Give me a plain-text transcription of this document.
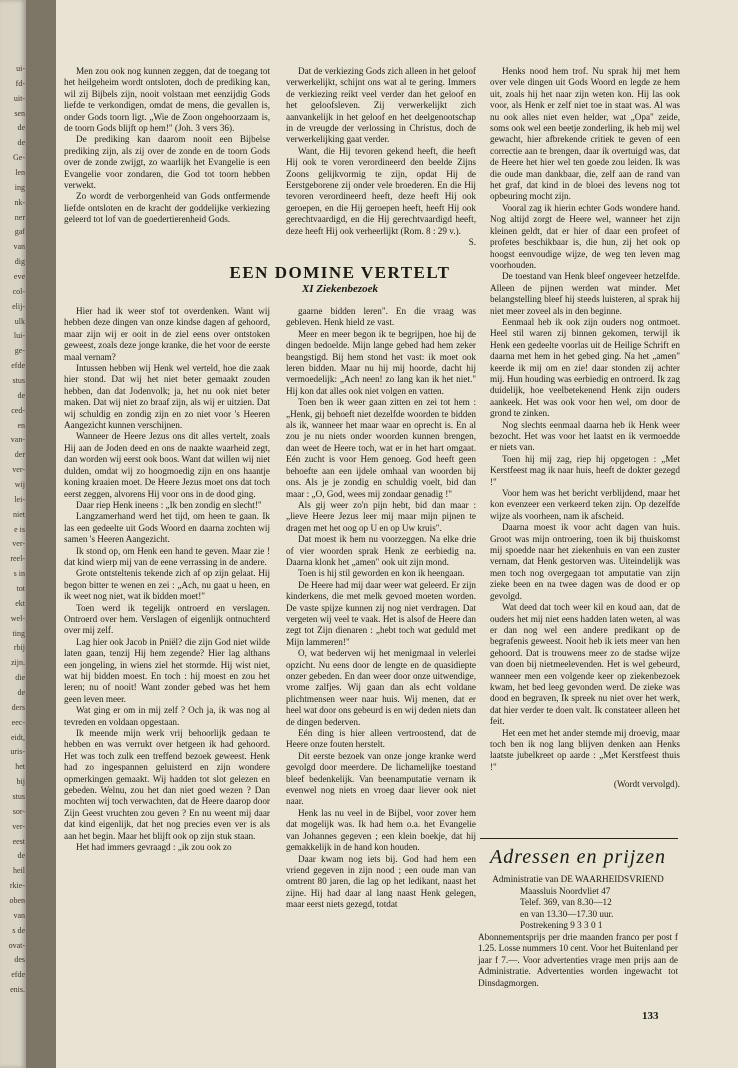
ui-
fd-
uit-
sen
de
de
Ge-
len
ing
nk-
ner
gaf
van
dig
eve
col-
elij-
ulk
lui-
ge-
efde
stus
de
ced-
en
van-
der
ver-
wij
lei-
niet
e is
ver-
reel-
s in
tot
ekt
wel-
ting
rbij
zijn.
die
de
ders
eeс-
eidt,
uris-
het
bij
stus
sor-
ver-
eest
de
heil
rkie-
oben
van
s de
ovat-
des
efde
enis.

Men zou ook nog kunnen zeggen, dat de toegang tot het heilgeheim wordt ontsloten, doch de prediking kan, wil zij Bijbels zijn, nooit volstaan met eenzijdig Gods liefde te verkondigen, omdat de mens, die gevallen is, onder Gods toorn ligt. „Wie de Zoon ongehoorzaam is, de toorn Gods blijft op hem!" (Joh. 3 vers 36).

De prediking kan daarom nooit een Bijbelse prediking zijn, als zij over de zonde en de toorn Gods over de zonde zwijgt, zo waarlijk het Evangelie is een Evangelie voor zondaren, die God tot toorn hebben verwekt.

Zo wordt de verborgenheid van Gods ontfermende liefde ontsloten en de kracht der goddelijke verkiezing geleerd tot lof van de goedertierenheid Gods.

Dat de verkiezing Gods zich alleen in het geloof verwerkelijkt, schijnt ons wat al te gering. Immers de verkiezing reikt veel verder dan het geloof en het geloofsleven. Zij verwerkelijkt zich aanvankelijk in het geloof en het deelgenootschap in de vreugde der verlossing in Christus, doch de verwerkelijking gaat verder.

Want, die Hij tevoren gekend heeft, die heeft Hij ook te voren verordineerd den beelde Zijns Zoons gelijkvormig te zijn, opdat Hij de Eerstgeborene zij onder vele broederen. En die Hij tevoren verordineerd heeft, deze heeft Hij ook geroepen, en die Hij geroepen heeft, heeft Hij ook gerechtvaardigd, en die Hij gerechtvaardigd heeft, deze heeft Hij ook verheerlijkt (Rom. 8 : 29 v.).

S.

EEN DOMINE VERTELT
XI Ziekenbezoek

Hier had ik weer stof tot overdenken. Want wij hebben deze dingen van onze kindse dagen af gehoord, maar zijn wij er ooit in de ziel eens over ontstoken geweest, zoals deze jonge kranke, die het voor de eerste maal vernam?

Intussen hebben wij Henk wel verteld, hoe die zaak hier stond. Dat wij het niet beter gemaakt zouden hebben, dan dat Jodenvolk; ja, het nu ook niet beter maken. Dat wij niet zo braaf zijn, als wij er uitzien. Dat wij schuldig en zondig zijn en zo niet voor 's Heeren Aangezicht kunnen verschijnen.

Wanneer de Heere Jezus ons dit alles vertelt, zoals Hij aan de Joden deed en ons de naakte waarheid zegt, dan worden wij eerst ook boos. Want dat willen wij niet dulden, omdat wij zo hoogmoedig zijn en ons haantje koning kraaien moet. De Heere Jezus moet ons dat toch eerst zeggen, alvorens Hij voor ons in de dood ging.

Daar riep Henk ineens : „Ik ben zondig en slecht!"

Langzamerhand werd het tijd, om heen te gaan. Ik las een gedeelte uit Gods Woord en daarna zochten wij samen 's Heeren Aangezicht.

Ik stond op, om Henk een hand te geven. Maar zie ! dat kind wierp mij van de eene verrassing in de andere.

Grote ontsteltenis tekende zich af op zijn gelaat. Hij begon bitter te wenen en zei : „Ach, nu gaat u heen, en ik weet nog niet, wat ik bidden moet!"

Toen werd ik tegelijk ontroerd en verslagen. Ontroerd over hem. Verslagen of eigenlijk ontnuchterd over mij zelf.

Lag hier ook Jacob in Pniël? die zijn God niet wilde laten gaan, tenzij Hij hem zegende? Hier lag althans een jongeling, in wiens ziel het stormde. Hij wist niet, wat hij bidden moest. En toch : hij moest en zou het leren; nu of nooit! Want zonder gebed was het hem geen leven meer.

Wat ging er om in mij zelf ? Och ja, ik was nog al tevreden en voldaan opgestaan.

Ik meende mijn werk vrij behoorlijk gedaan te hebben en was verrukt over hetgeen ik had gehoord. Het was toch zulk een treffend bezoek geweest. Henk had zo ingespannen geluisterd en zijn wondere opmerkingen gemaakt. Wij hadden tot slot gelezen en gebeden. Welnu, zou het dan niet goed wezen ? Dan mochten wij toch verwachten, dat de Heere daarop door Zijn Geest vruchten zou geven ? En nu weent mij daar dat kind eigenlijk, dat het nog precies even ver is als aan het begin. Maar het blijft ook op zijn stuk staan.

Het had immers gevraagd : „ik zou ook zo

gaarne bidden leren". En die vraag was gebleven. Henk hield ze vast.

Meer en meer begon ik te begrijpen, hoe hij de dingen bedoelde. Mijn lange gebed had hem zeker beangstigd. Bij hem stond het vast: ik moet ook leren bidden. Maar nu hij mij hoorde, dacht hij vermoedelijk: „Ach neen! zo lang kan ik het niet." Hij kon dat alles ook niet volgen en vatten.

Toen ben ik weer gaan zitten en zei tot hem : „Henk, gij behoeft niet dezelfde woorden te bidden als ik, wanneer het maar waar en oprecht is. En al zou je nu niets onder woorden kunnen brengen, dan weet de Heere toch, wat er in het hart omgaat. Eén zucht is voor Hem genoeg. God heeft geen behoefte aan een ijdele omhaal van woorden bij ons. Als je je zondig en schuldig voelt, bid dan maar : „O, God, wees mij zondaar genadig !"

Als gij weer zo'n pijn hebt, bid dan maar : „lieve Heere Jezus leer mij maar mijn pijnen te dragen met het oog op U en op Uw kruis".

Dat moest ik hem nu voorzeggen. Na elke drie of vier woorden sprak Henk ze eerbiedig na. Daarna klonk het „amen" ook uit zijn mond.

Toen is hij stil geworden en kon ik heengaan.

De Heere had mij daar weer wat geleerd. Er zijn kinderkens, die met melk gevoed moeten worden. De vaste spijze kunnen zij nog niet verdragen. Dat vergeten wij veel te vaak. Het is alsof de Heere dan zegt tot Zijn dienaren : „hebt toch wat geduld met Mijn lammeren!"

O, wat bederven wij het menigmaal in velerlei opzicht. Nu eens door de lengte en de quasidiepte onzer gebeden. En dan weer door onze uitwendige, vrome zalfjes. Wij gaan dan als echt voldane plichtmensen weer naar huis. Wij menen, dat er heel wat door ons gebeurd is en wij deden niets dan de dingen bederven.

Eén ding is hier alleen vertroostend, dat de Heere onze fouten herstelt.

Dit eerste bezoek van onze jonge kranke werd gevolgd door meerdere. De lichamelijke toestand bleef bedenkelijk. Van beenamputatie vernam ik evenwel nog niets en vroeg daar liever ook niet naar.

Henk las nu veel in de Bijbel, voor zover hem dat mogelijk was. Ik had hem o.a. het Evangelie van Johannes gegeven ; een klein boekje, dat hij gemakkelijk in de hand kon houden.

Daar kwam nog iets bij. God had hem een vriend gegeven in zijn nood ; een oude man van omtrent 80 jaren, die lag op het ledikant, naast het zijne. Hij had daar al lang naast Henk gelegen, maar eerst niets gezegd, totdat

Henks nood hem trof. Nu sprak hij met hem over vele dingen uit Gods Woord en legde ze hem uit, zoals hij het naar zijn weten kon. Hij las ook voor, als Henk er zelf niet toe in staat was. Al was nu ook alles niet even helder, wat „Opa" zeide, soms ook wel een beetje zonderling, ik heb mij wel gewacht, hier afbrekende critiek te geven of een correctie aan te brengen, daar ik overtuigd was, dat de Heere het hier wel ten goede zou leiden. Ik was die oude man dankbaar, die, zelf aan de rand van het graf, dat kind in de bloei des levens nog tot opbeuring mocht zijn.

Vooral zag ik hierin echter Gods wondere hand. Nog altijd zorgt de Heere wel, wanneer het zijn kleinen geldt, dat er hier of daar een profeet of profetes beschikbaar is, die hun, zij het ook op hoogst eenvoudige wijze, de weg ten leven mag voorhouden.

De toestand van Henk bleef ongeveer hetzelfde. Alleen de pijnen werden wat minder. Met belangstelling bleef hij steeds luisteren, al sprak hij niet meer zoveel als in den beginne.

Eenmaal heb ik ook zijn ouders nog ontmoet. Heel stil waren zij binnen gekomen, terwijl ik Henk een gedeelte voorlas uit de Heilige Schrift en daarna met hem in het gebed ging. Na het „amen" keerde ik mij om en zie! daar stonden zij achter mij. Hun houding was eerbiedig en ontroerd. Ik zag duidelijk, hoe veelbetekenend Henk zijn ouders aankeek. Het was ook voor hen wel, om door de grond te zinken.

Nog slechts eenmaal daarna heb ik Henk weer bezocht. Het was voor het laatst en ik vermoedde er niets van.

Toen hij mij zag, riep hij opgetogen : „Met Kerstfeest mag ik naar huis, heeft de dokter gezegd !"

Voor hem was het bericht verblijdend, maar het kon evenzeer een verkeerd teken zijn. Op dezelfde wijze als voorheen, nam ik afscheid.

Daarna moest ik voor acht dagen van huis. Groot was mijn ontroering, toen ik bij thuiskomst mij spoedde naar het ziekenhuis en van een zuster vernam, dat Henk gestorven was. Uiteindelijk was men toch nog overgegaan tot amputatie van zijn zieke been en na twee dagen was de dood er op gevolgd.

Wat deed dat toch weer kil en koud aan, dat de ouders het mij niet eens hadden laten weten, al was er dan nog wel een andere predikant op de begrafenis geweest. Nooit heb ik iets meer van hen gehoord. Dat is trouwens meer zo de stadse wijze van doen bij nietmeelevenden. Het is wel gebeurd, wanneer men een volgende keer op ziekenbezoek kwam, het bed leeg gevonden werd. De zieke was dood en begraven, Ik spreek nu niet over het werk, dat hier verder te doen valt. Ik constateer alleen het feit.

Het een met het ander stemde mij droevig, maar toch ben ik nog lang blijven denken aan Henks laatste jubelkreet op aarde : „Met Kerstfeest thuis !"

(Wordt vervolgd).

Adressen en prijzen
Administratie van DE WAARHEIDSVRIEND
Maassluis Noordvliet 47
Telef. 369, van 8.30—12
en van 13.30—17.30 uur.
Postrekening 9 3 3 0 1
Abonnementsprijs per drie maanden franco per post f 1.25. Losse nummers 10 cent. Voor het Buitenland per jaar f 7.—. Voor advertenties vrage men prijs aan de Administratie. Advertenties worden ingewacht tot Dinsdagmorgen.
133
